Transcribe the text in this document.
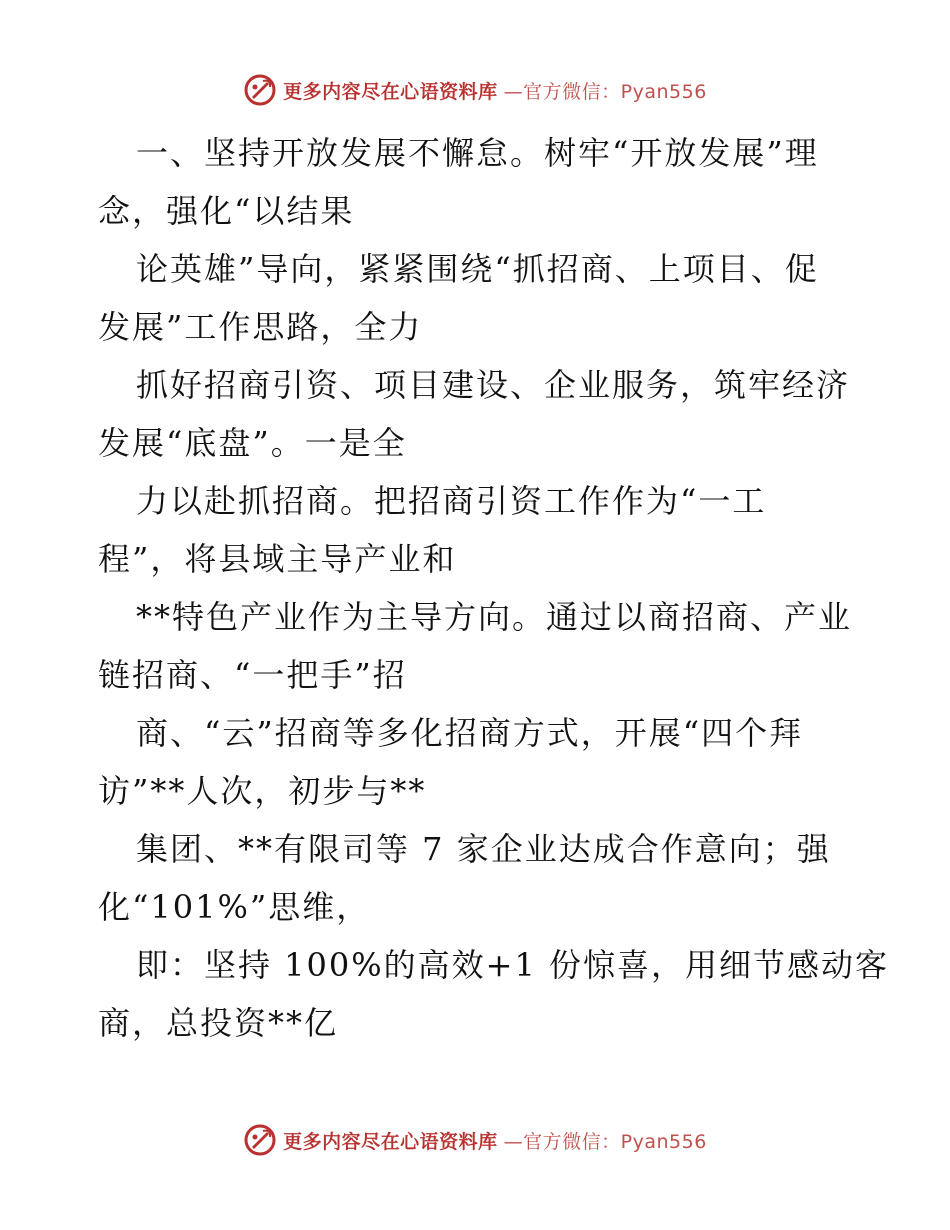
更多内容尽在心语资料库 —官方微信：Pyan556

一、坚持开放发展不懈怠。树牢“开放发展”理
念，强化“以结果

论英雄”导向，紧紧围绕“抓招商、上项目、促
发展”工作思路，全力

抓好招商引资、项目建设、企业服务，筑牢经济
发展“底盘”。一是全

力以赴抓招商。把招商引资工作作为“一工
程”，将县域主导产业和

**特色产业作为主导方向。通过以商招商、产业
链招商、“一把手”招

商、“云”招商等多化招商方式，开展“四个拜
访”**人次，初步与**

集团、**有限司等 7 家企业达成合作意向；强
化“101%”思维，

即：坚持 100%的高效+1 份惊喜，用细节感动客
商，总投资**亿

更多内容尽在心语资料库 —官方微信：Pyan556
